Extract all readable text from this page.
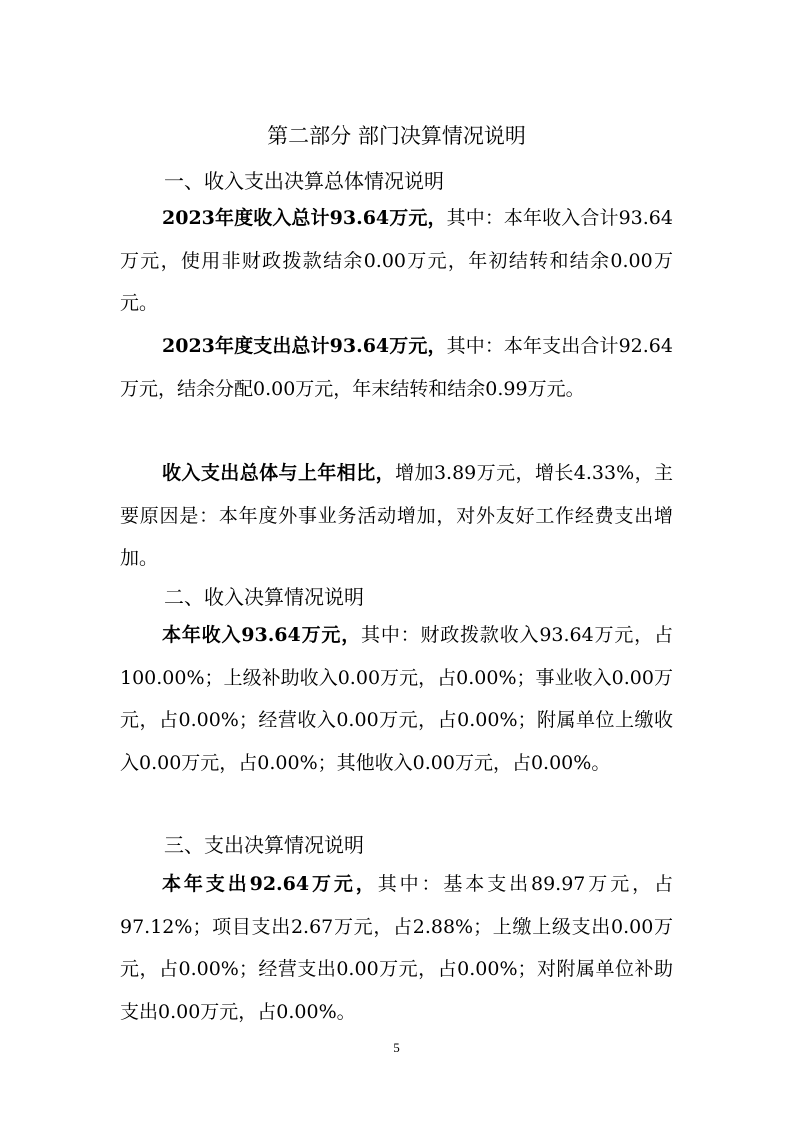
第二部分 部门决算情况说明
一、收入支出决算总体情况说明

2023年度收入总计93.64万元，其中：本年收入合计93.64万元，使用非财政拨款结余0.00万元，年初结转和结余0.00万元。

2023年度支出总计93.64万元，其中：本年支出合计92.64万元，结余分配0.00万元，年末结转和结余0.99万元。

收入支出总体与上年相比，增加3.89万元，增长4.33%，主要原因是：本年度外事业务活动增加，对外友好工作经费支出增加。

二、收入决算情况说明

本年收入93.64万元，其中：财政拨款收入93.64万元，占100.00%；上级补助收入0.00万元，占0.00%；事业收入0.00万元，占0.00%；经营收入0.00万元，占0.00%；附属单位上缴收入0.00万元，占0.00%；其他收入0.00万元，占0.00%。

三、支出决算情况说明

本年支出92.64万元，其中：基本支出89.97万元，占97.12%；项目支出2.67万元，占2.88%；上缴上级支出0.00万元，占0.00%；经营支出0.00万元，占0.00%；对附属单位补助支出0.00万元，占0.00%。

5
